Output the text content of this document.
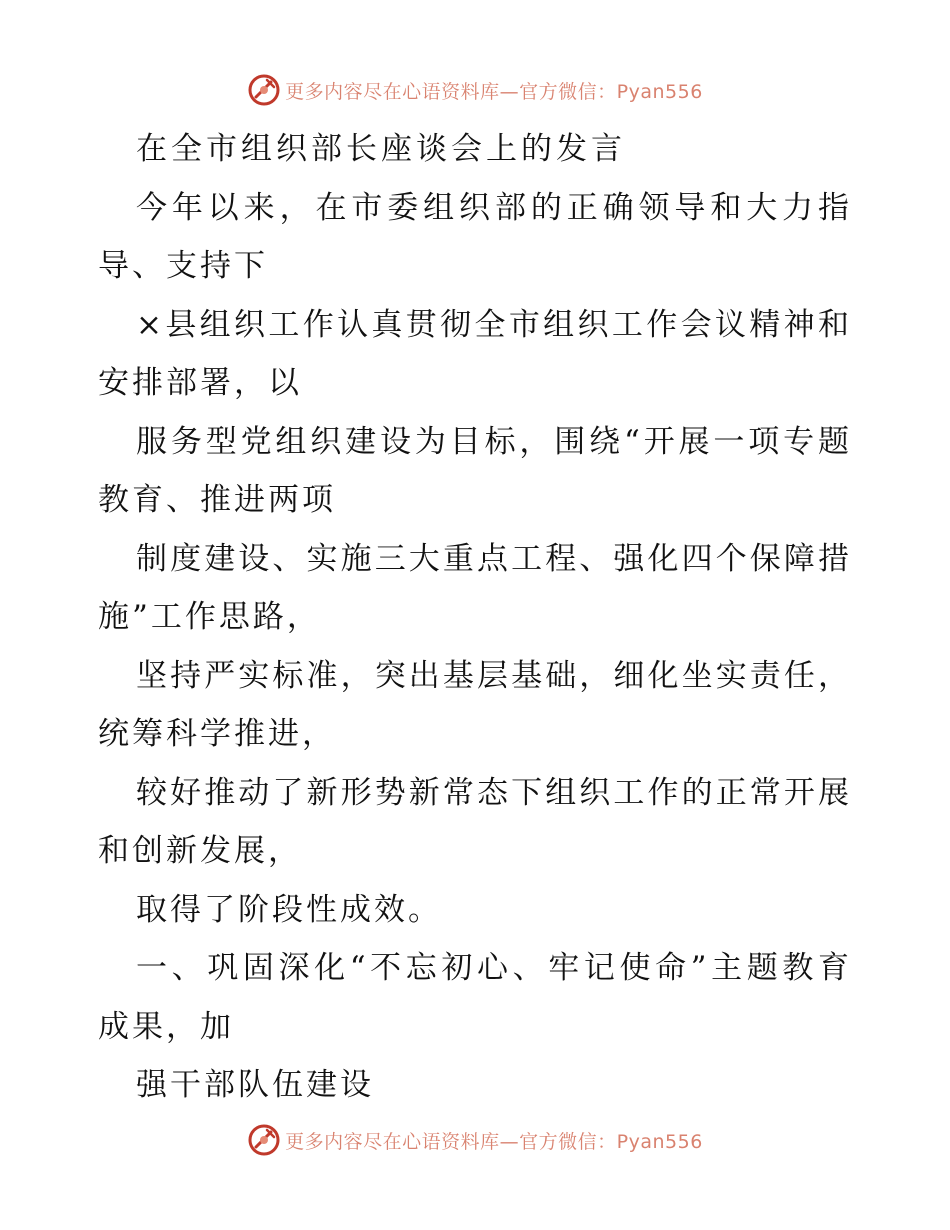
更多内容尽在心语资料库—官方微信：Pyan556

在全市组织部长座谈会上的发言

今年以来，在市委组织部的正确领导和大力指导、支持下

×县组织工作认真贯彻全市组织工作会议精神和安排部署，以

服务型党组织建设为目标，围绕“开展一项专题教育、推进两项

制度建设、实施三大重点工程、强化四个保障措施”工作思路，

坚持严实标准，突出基层基础，细化坐实责任，统筹科学推进，

较好推动了新形势新常态下组织工作的正常开展和创新发展，

取得了阶段性成效。

一、巩固深化“不忘初心、牢记使命”主题教育成果，加

强干部队伍建设

更多内容尽在心语资料库—官方微信：Pyan556
